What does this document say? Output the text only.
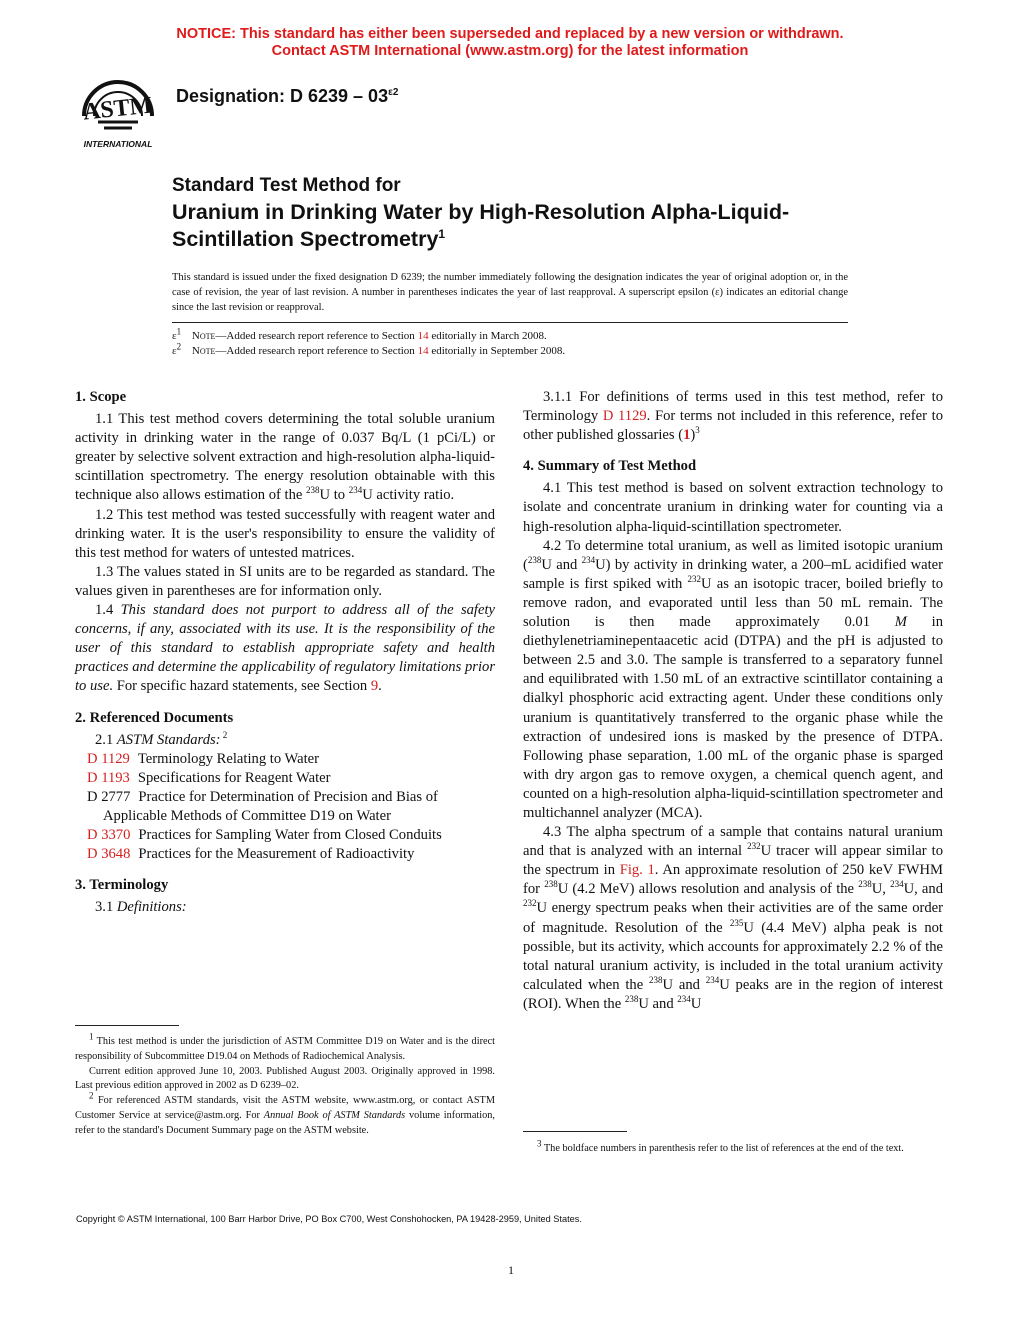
NOTICE: This standard has either been superseded and replaced by a new version or withdrawn.
Contact ASTM International (www.astm.org) for the latest information
ASTM
INTERNATIONAL
Designation: D $6239 - 03^{\varepsilon 2}$
Standard Test Method for
Uranium in Drinking Water by High-Resolution Alpha-Liquid-Scintillation Spectrometry$^1$
This standard is issued under the fixed designation D 6239; the number immediately following the designation indicates the year of original adoption or, in the case of revision, the year of last revision. A number in parentheses indicates the year of last reapproval. A superscript epsilon (ε) indicates an editorial change since the last revision or reapproval.
$\varepsilon^1$ Note—Added research report reference to Section 14 editorially in March 2008.
$\varepsilon^2$ Note—Added research report reference to Section 14 editorially in September 2008.

1. Scope

1.1 This test method covers determining the total soluble uranium activity in drinking water in the range of 0.037 Bq/L (1 pCi/L) or greater by selective solvent extraction and high-resolution alpha-liquid-scintillation spectrometry. The energy resolution obtainable with this technique also allows estimation of the $^{238}$U to $^{234}$U activity ratio.

1.2 This test method was tested successfully with reagent water and drinking water. It is the user's responsibility to ensure the validity of this test method for waters of untested matrices.

1.3 The values stated in SI units are to be regarded as standard. The values given in parentheses are for information only.

1.4 This standard does not purport to address all of the safety concerns, if any, associated with its use. It is the responsibility of the user of this standard to establish appropriate safety and health practices and determine the applicability of regulatory limitations prior to use. For specific hazard statements, see Section 9.

2. Referenced Documents

2.1 ASTM Standards: $^2$

D 1129 Terminology Relating to Water

D 1193 Specifications for Reagent Water

D 2777 Practice for Determination of Precision and Bias of Applicable Methods of Committee D19 on Water

D 3370 Practices for Sampling Water from Closed Conduits

D 3648 Practices for the Measurement of Radioactivity

3. Terminology

3.1 Definitions:

$^1$ This test method is under the jurisdiction of ASTM Committee D19 on Water and is the direct responsibility of Subcommittee D19.04 on Methods of Radiochemical Analysis.

Current edition approved June 10, 2003. Published August 2003. Originally approved in 1998. Last previous edition approved in 2002 as D 6239–02.

$^2$ For referenced ASTM standards, visit the ASTM website, www.astm.org, or contact ASTM Customer Service at service@astm.org. For Annual Book of ASTM Standards volume information, refer to the standard's Document Summary page on the ASTM website.

3.1.1 For definitions of terms used in this test method, refer to Terminology D 1129. For terms not included in this reference, refer to other published glossaries $(1)^3$

4. Summary of Test Method

4.1 This test method is based on solvent extraction technology to isolate and concentrate uranium in drinking water for counting via a high-resolution alpha-liquid-scintillation spectrometer.

4.2 To determine total uranium, as well as limited isotopic uranium ($^{238}$U and $^{234}$U) by activity in drinking water, a 200–mL acidified water sample is first spiked with $^{232}$U as an isotopic tracer, boiled briefly to remove radon, and evaporated until less than 50 mL remain. The solution is then made approximately 0.01 M in diethylenetriaminepentaacetic acid (DTPA) and the pH is adjusted to between 2.5 and 3.0. The sample is transferred to a separatory funnel and equilibrated with 1.50 mL of an extractive scintillator containing a dialkyl phosphoric acid extracting agent. Under these conditions only uranium is quantitatively transferred to the organic phase while the extraction of undesired ions is masked by the presence of DTPA. Following phase separation, 1.00 mL of the organic phase is sparged with dry argon gas to remove oxygen, a chemical quench agent, and counted on a high-resolution alpha-liquid-scintillation spectrometer and multichannel analyzer (MCA).

4.3 The alpha spectrum of a sample that contains natural uranium and that is analyzed with an internal $^{232}$U tracer will appear similar to the spectrum in Fig. 1. An approximate resolution of 250 keV FWHM for $^{238}$U (4.2 MeV) allows resolution and analysis of the $^{238}$U, $^{234}$U, and $^{232}$U energy spectrum peaks when their activities are of the same order of magnitude. Resolution of the $^{235}$U (4.4 MeV) alpha peak is not possible, but its activity, which accounts for approximately 2.2 % of the total natural uranium activity, is included in the total uranium activity calculated when the $^{238}$U and $^{234}$U peaks are in the region of interest (ROI). When the $^{238}$U and $^{234}$U

$^3$ The boldface numbers in parenthesis refer to the list of references at the end of the text.

Copyright © ASTM International, 100 Barr Harbor Drive, PO Box C700, West Conshohocken, PA 19428-2959, United States.
1
